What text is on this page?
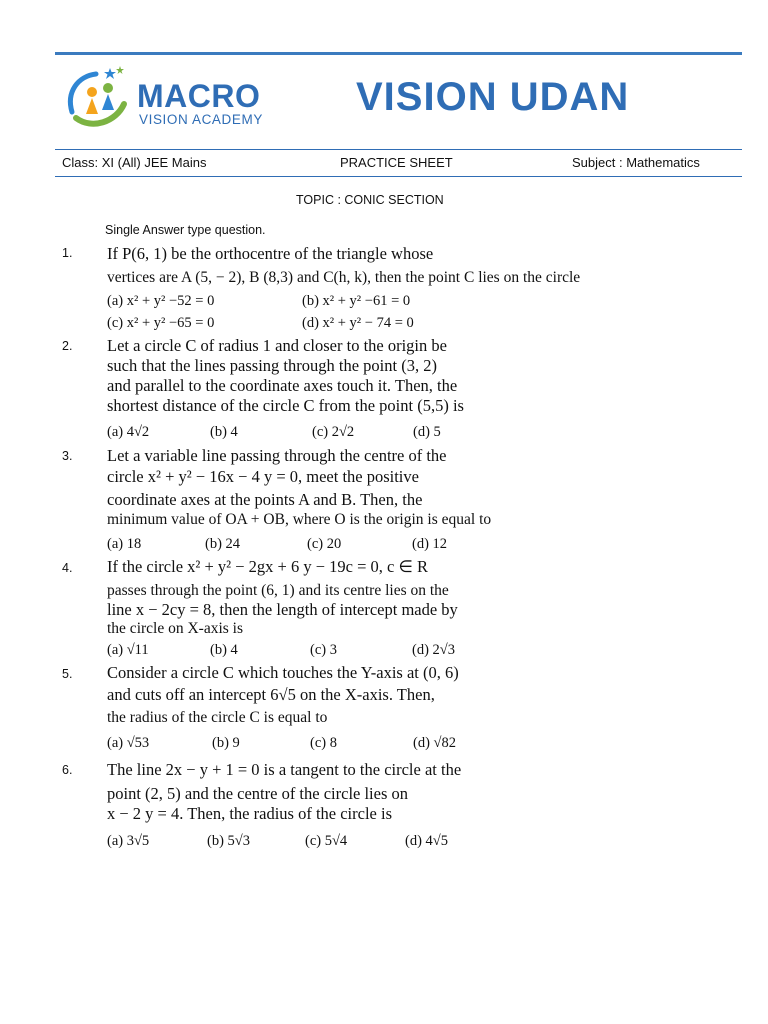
MACRO
VISION ACADEMY
VISION UDAN
Class: XI (All) JEE Mains	PRACTICE SHEET	Subject : Mathematics
TOPIC : CONIC SECTION
Single Answer type question.
1. If P(6, 1) be the orthocentre of the triangle whose
vertices are A (5, − 2), B (8,3) and C(h, k), then the point C lies on the circle
(a) x² + y² −52 = 0	(b) x² + y² −61 = 0
(c) x² + y² −65 = 0	(d) x² + y² − 74 = 0
2. Let a circle C of radius 1 and closer to the origin be
such that the lines passing through the point (3, 2)
and parallel to the coordinate axes touch it. Then, the
shortest distance of the circle C from the point (5,5) is
(a) 4√2	(b) 4	(c) 2√2	(d) 5
3. Let a variable line passing through the centre of the
circle x² + y² − 16x − 4 y = 0, meet the positive
coordinate axes at the points A and B. Then, the
minimum value of OA + OB, where O is the origin is equal to
(a) 18	(b) 24	(c) 20	(d) 12
4. If the circle x² + y² − 2gx + 6 y − 19c = 0, c ∈ R
passes through the point (6, 1) and its centre lies on the
line x − 2cy = 8, then the length of intercept made by
the circle on X-axis is
(a) √11	(b) 4	(c) 3	(d) 2√3
5. Consider a circle C which touches the Y-axis at (0, 6)
and cuts off an intercept 6√5 on the X-axis. Then,
the radius of the circle C is equal to
(a) √53	(b) 9	(c) 8	(d) √82
6. The line 2x − y + 1 = 0 is a tangent to the circle at the
point (2, 5) and the centre of the circle lies on
x − 2 y = 4. Then, the radius of the circle is
(a) 3√5	(b) 5√3	(c) 5√4	(d) 4√5
